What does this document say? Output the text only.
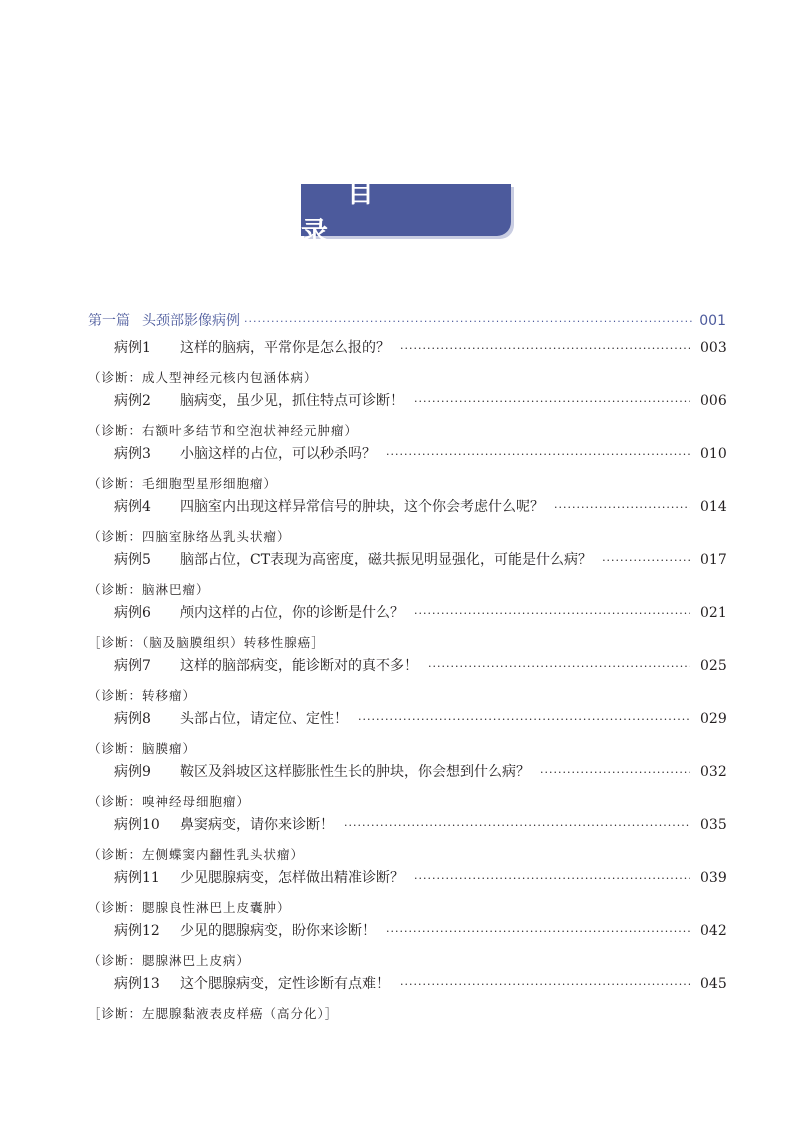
目　录
第一篇 头颈部影像病例 ·····	001
病例1	这样的脑病，平常你是怎么报的？ ·····	003
（诊断：成人型神经元核内包涵体病）
病例2	脑病变，虽少见，抓住特点可诊断！ ·····	006
（诊断：右额叶多结节和空泡状神经元肿瘤）
病例3	小脑这样的占位，可以秒杀吗？ ·····	010
（诊断：毛细胞型星形细胞瘤）
病例4	四脑室内出现这样异常信号的肿块，这个你会考虑什么呢？ ·····	014
（诊断：四脑室脉络丛乳头状瘤）
病例5	脑部占位，CT表现为高密度，磁共振见明显强化，可能是什么病？ ·····	017
（诊断：脑淋巴瘤）
病例6	颅内这样的占位，你的诊断是什么？ ·····	021
［诊断：（脑及脑膜组织）转移性腺癌］
病例7	这样的脑部病变，能诊断对的真不多！ ·····	025
（诊断：转移瘤）
病例8	头部占位，请定位、定性！ ·····	029
（诊断：脑膜瘤）
病例9	鞍区及斜坡区这样膨胀性生长的肿块，你会想到什么病？ ·····	032
（诊断：嗅神经母细胞瘤）
病例10	鼻窦病变，请你来诊断！ ·····	035
（诊断：左侧蝶窦内翻性乳头状瘤）
病例11	少见腮腺病变，怎样做出精准诊断？ ·····	039
（诊断：腮腺良性淋巴上皮囊肿）
病例12	少见的腮腺病变，盼你来诊断！ ·····	042
（诊断：腮腺淋巴上皮病）
病例13	这个腮腺病变，定性诊断有点难！ ·····	045
［诊断：左腮腺黏液表皮样癌（高分化）］
